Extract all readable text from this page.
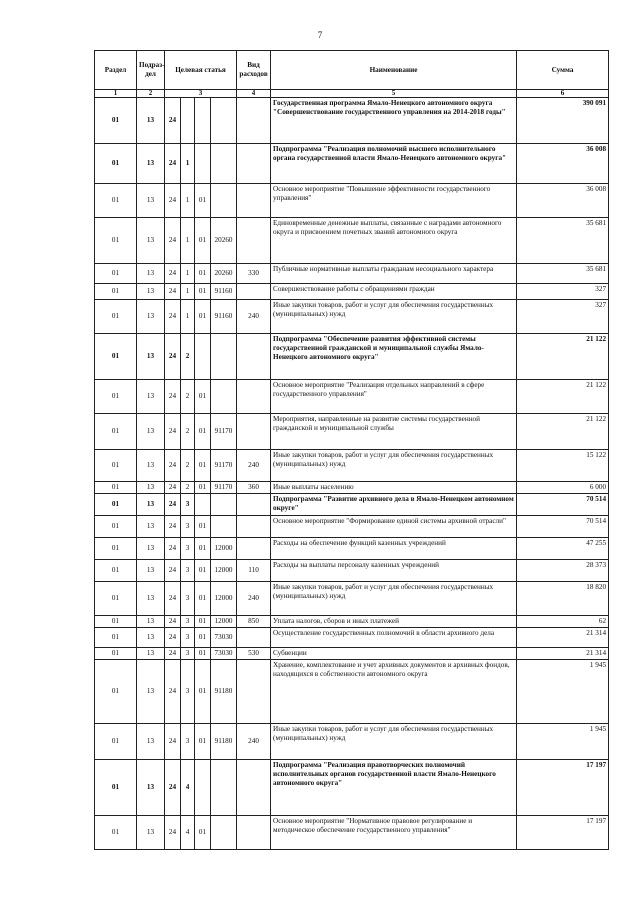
7
Раздел	Подраз-дел	Целевая статья				Вид расходов	Наименование	Сумма
1	2	3				4	5	6
01	13	24					Государственная программа Ямало-Ненецкого автономного округа "Совершенствование государственного управления на 2014-2018 годы"	390 091
01	13	24	1				Подпрограмма "Реализация полномочий высшего исполнительного органа государственной власти Ямало-Ненецкого автономного округа"	36 008
01	13	24	1	01			Основное мероприятие "Повышение эффективности государственного управления"	36 008
01	13	24	1	01	20260		Единовременные денежные выплаты, связанные с наградами автономного округа и присвоением почетных званий автономного округа	35 681
01	13	24	1	01	20260	330	Публичные нормативные выплаты гражданам несоциального характера	35 681
01	13	24	1	01	91160		Совершенствование работы с обращениями граждан	327
01	13	24	1	01	91160	240	Иные закупки товаров, работ и услуг для обеспечения государственных (муниципальных) нужд	327
01	13	24	2				Подпрограмма "Обеспечение развития эффективной системы государственной гражданской и муниципальной службы Ямало-Ненецкого автономного округа"	21 122
01	13	24	2	01			Основное мероприятие "Реализация отдельных направлений в сфере государственного управления"	21 122
01	13	24	2	01	91170		Мероприятия, направленные на развитие системы государственной гражданской и муниципальной службы	21 122
01	13	24	2	01	91170	240	Иные закупки товаров, работ и услуг для обеспечения государственных (муниципальных) нужд	15 122
01	13	24	2	01	91170	360	Иные выплаты населению	6 000
01	13	24	3				Подпрограмма "Развитие архивного дела в Ямало-Ненецком автономном округе"	70 514
01	13	24	3	01			Основное мероприятие "Формирование единой системы архивной отрасли"	70 514
01	13	24	3	01	12000		Расходы на обеспечение функций казенных учреждений	47 255
01	13	24	3	01	12000	110	Расходы на выплаты персоналу казенных учреждений	28 373
01	13	24	3	01	12000	240	Иные закупки товаров, работ и услуг для обеспечения государственных (муниципальных) нужд	18 820
01	13	24	3	01	12000	850	Уплата налогов, сборов и иных платежей	62
01	13	24	3	01	73030		Осуществление государственных полномочий в области архивного дела	21 314
01	13	24	3	01	73030	530	Субвенции	21 314
01	13	24	3	01	91180		Хранение, комплектование и учет архивных документов и архивных фондов, находящихся в собственности автономного округа	1 945
01	13	24	3	01	91180	240	Иные закупки товаров, работ и услуг для обеспечения государственных (муниципальных) нужд	1 945
01	13	24	4				Подпрограмма "Реализация правотворческих полномочий исполнительных органов государственной власти Ямало-Ненецкого автономного округа"	17 197
01	13	24	4	01			Основное мероприятие "Нормативное правовое регулирование и методическое обеспечение государственного управления"	17 197
